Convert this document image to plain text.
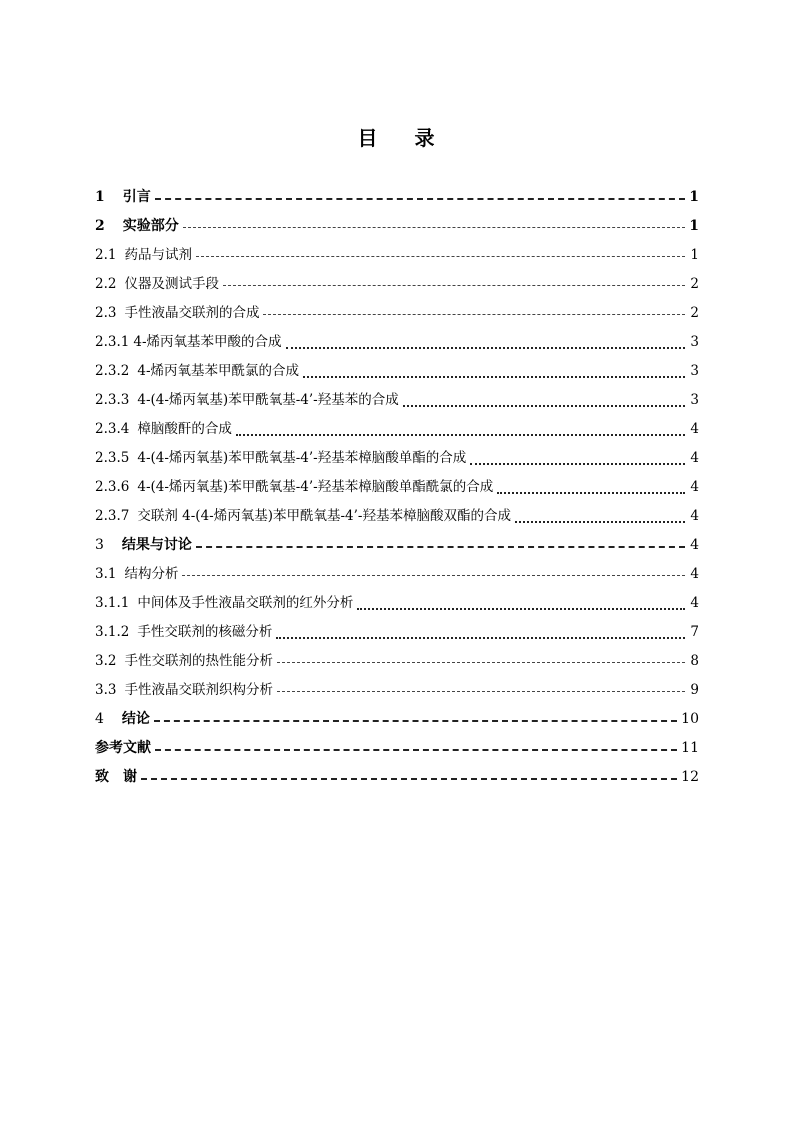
目 录
1	引言	1
2	实验部分	1
2.1 药品与试剂	1
2.2 仪器及测试手段	2
2.3 手性液晶交联剂的合成	2
2.3.1 4-烯丙氧基苯甲酸的合成	3
2.3.2 4-烯丙氧基苯甲酰氯的合成	3
2.3.3 4-(4-烯丙氧基)苯甲酰氧基-4’-羟基苯的合成	3
2.3.4 樟脑酸酐的合成	4
2.3.5 4-(4-烯丙氧基)苯甲酰氧基-4’-羟基苯樟脑酸单酯的合成	4
2.3.6 4-(4-烯丙氧基)苯甲酰氧基-4’-羟基苯樟脑酸单酯酰氯的合成	4
2.3.7 交联剂 4-(4-烯丙氧基)苯甲酰氧基-4’-羟基苯樟脑酸双酯的合成	4
3	结果与讨论	4
3.1 结构分析	4
3.1.1 中间体及手性液晶交联剂的红外分析	4
3.1.2 手性交联剂的核磁分析	7
3.2 手性交联剂的热性能分析	8
3.3 手性液晶交联剂织构分析	9
4	结论	10
参考文献	11
致　谢	12
